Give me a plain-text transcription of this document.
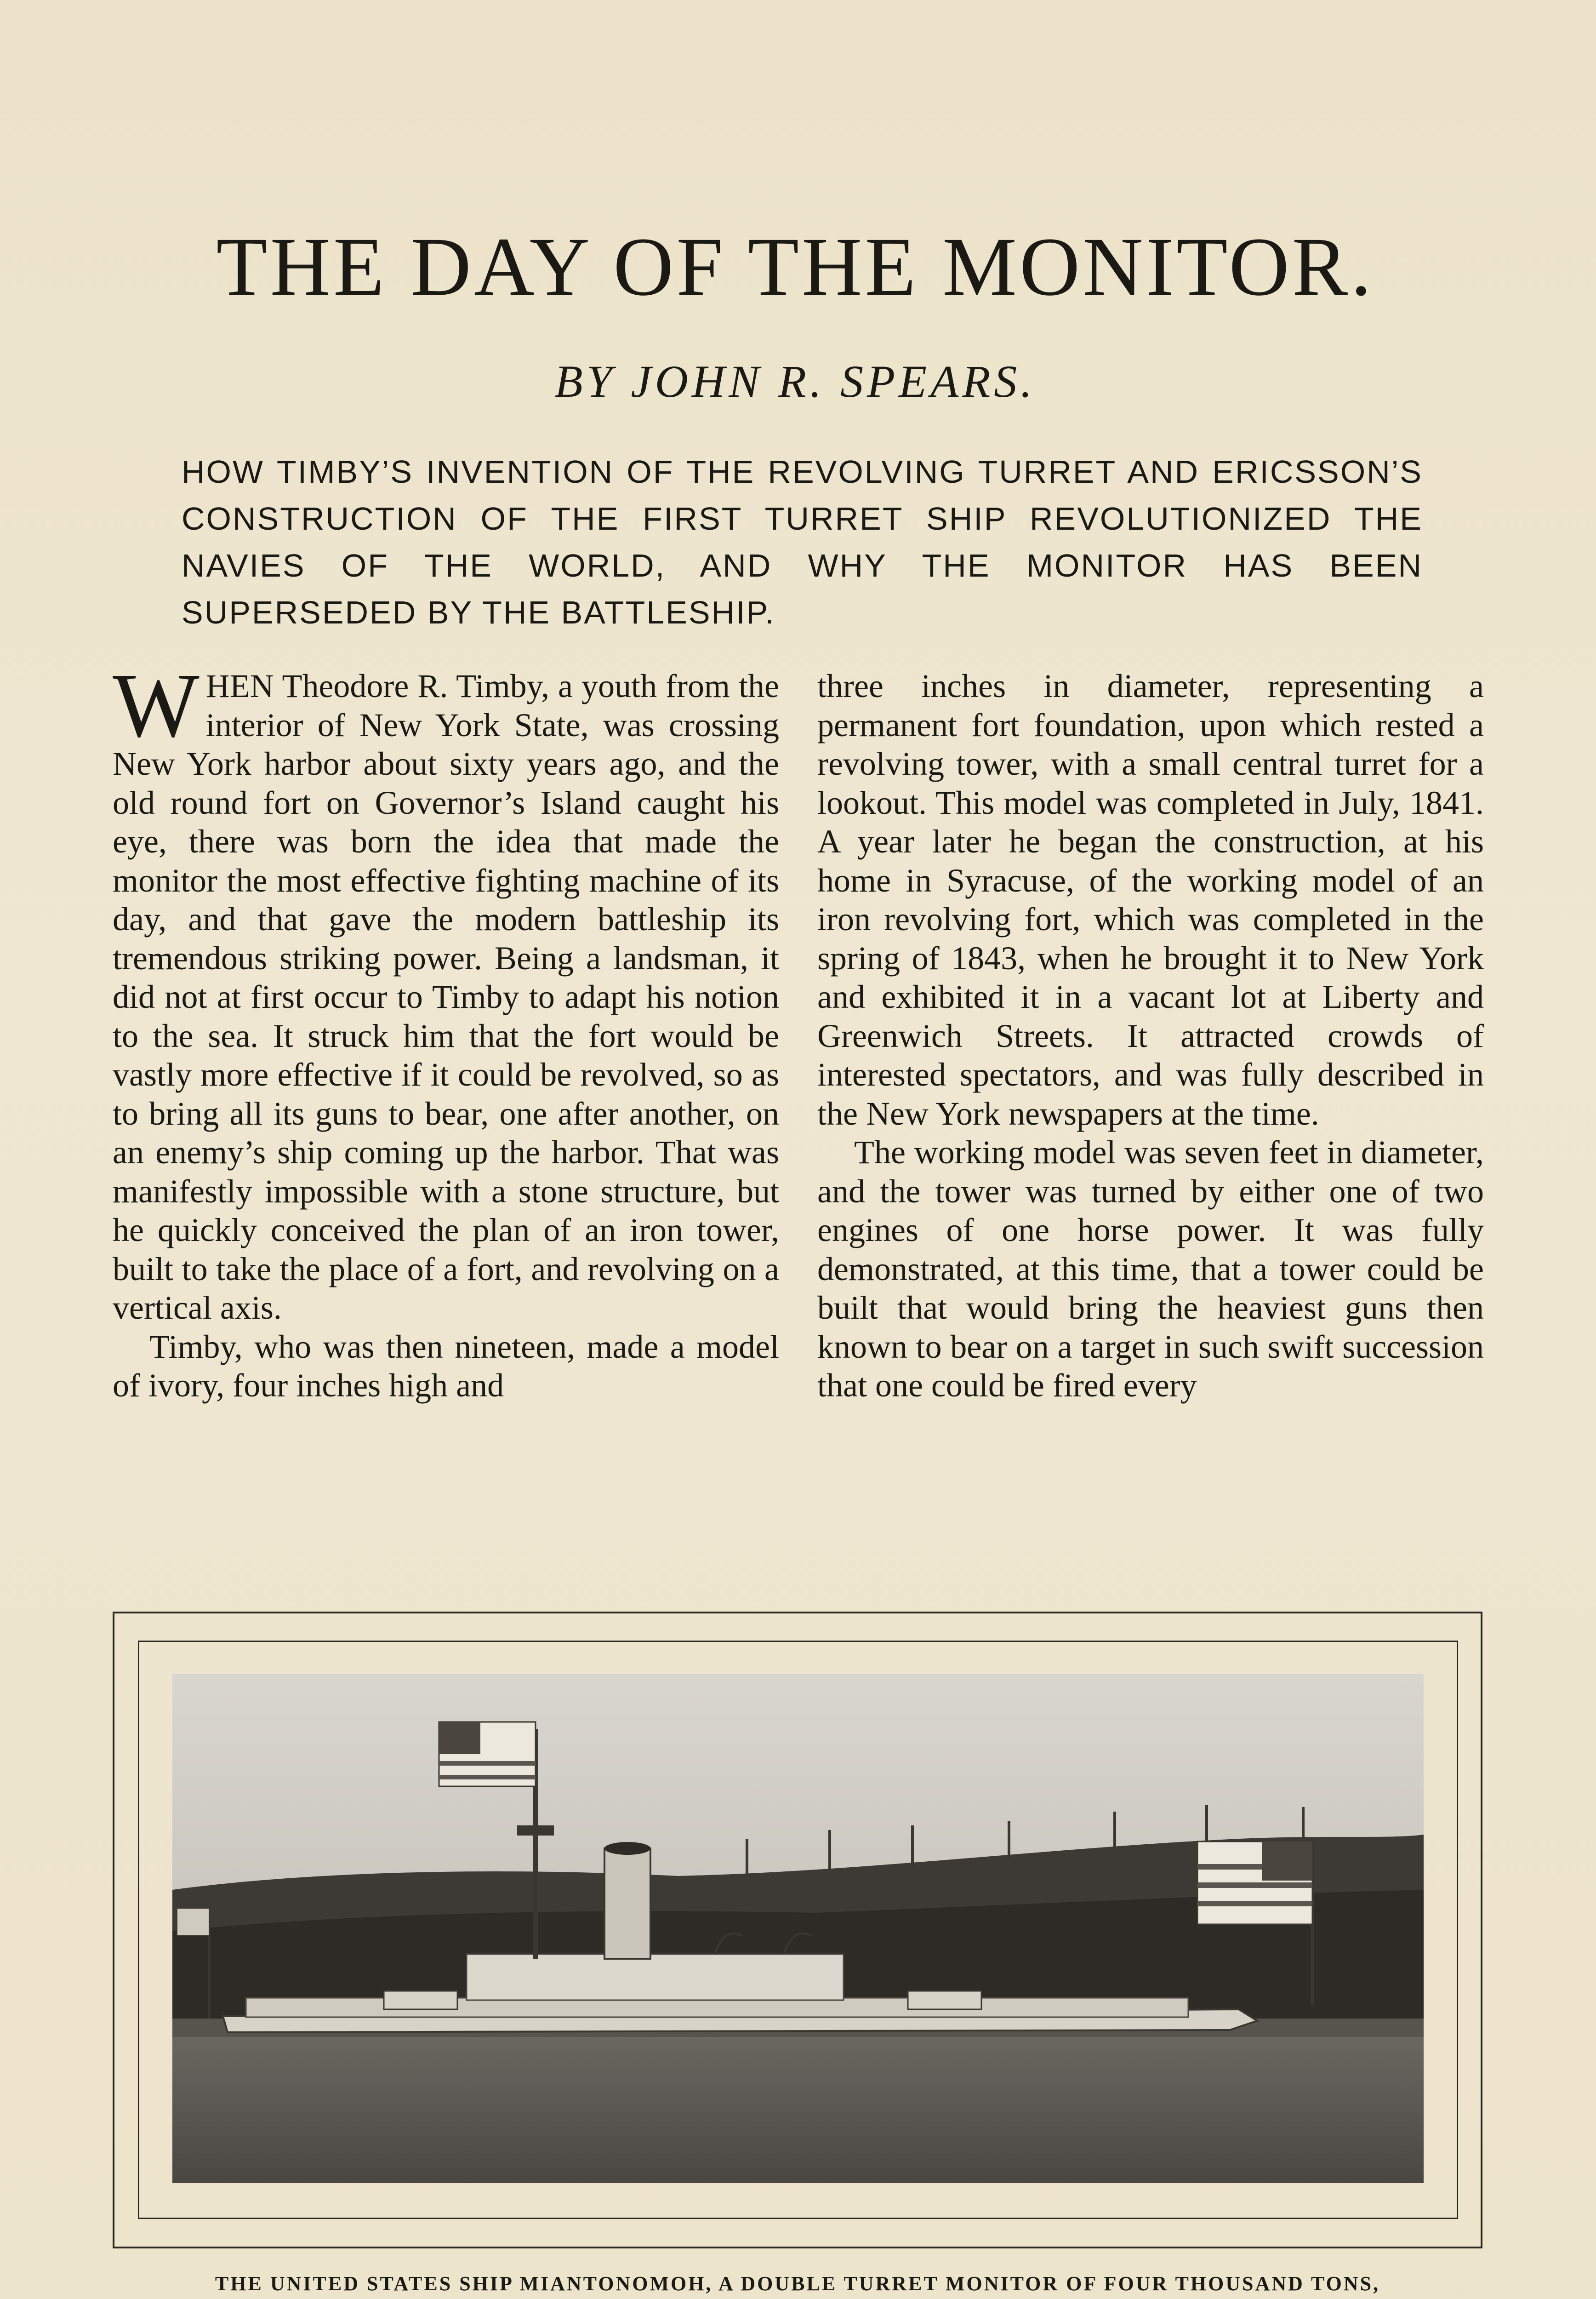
THE DAY OF THE MONITOR.
BY JOHN R. SPEARS.
HOW TIMBY’S INVENTION OF THE REVOLVING TURRET AND ERICSSON’S CONSTRUCTION OF THE FIRST TURRET SHIP REVOLUTIONIZED THE NAVIES OF THE WORLD, AND WHY THE MONITOR HAS BEEN SUPERSEDED BY THE BATTLESHIP.

WHEN Theodore R. Timby, a youth from the interior of New York State, was crossing New York harbor about sixty years ago, and the old round fort on Governor’s Island caught his eye, there was born the idea that made the monitor the most effective fighting machine of its day, and that gave the modern battleship its tremendous striking power. Being a landsman, it did not at first occur to Timby to adapt his notion to the sea. It struck him that the fort would be vastly more effective if it could be revolved, so as to bring all its guns to bear, one after another, on an enemy’s ship coming up the harbor. That was manifestly impossible with a stone structure, but he quickly conceived the plan of an iron tower, built to take the place of a fort, and revolving on a vertical axis.

Timby, who was then nineteen, made a model of ivory, four inches high and

three inches in diameter, representing a permanent fort foundation, upon which rested a revolving tower, with a small central turret for a lookout. This model was completed in July, 1841. A year later he began the construction, at his home in Syracuse, of the working model of an iron revolving fort, which was completed in the spring of 1843, when he brought it to New York and exhibited it in a vacant lot at Liberty and Greenwich Streets. It attracted crowds of interested spectators, and was fully described in the New York newspapers at the time.

The working model was seven feet in diameter, and the tower was turned by either one of two engines of one horse power. It was fully demonstrated, at this time, that a tower could be built that would bring the heaviest guns then known to bear on a target in such swift succession that one could be fired every

THE UNITED STATES SHIP MIANTONOMOH, A DOUBLE TURRET MONITOR OF FOUR THOUSAND TONS,
